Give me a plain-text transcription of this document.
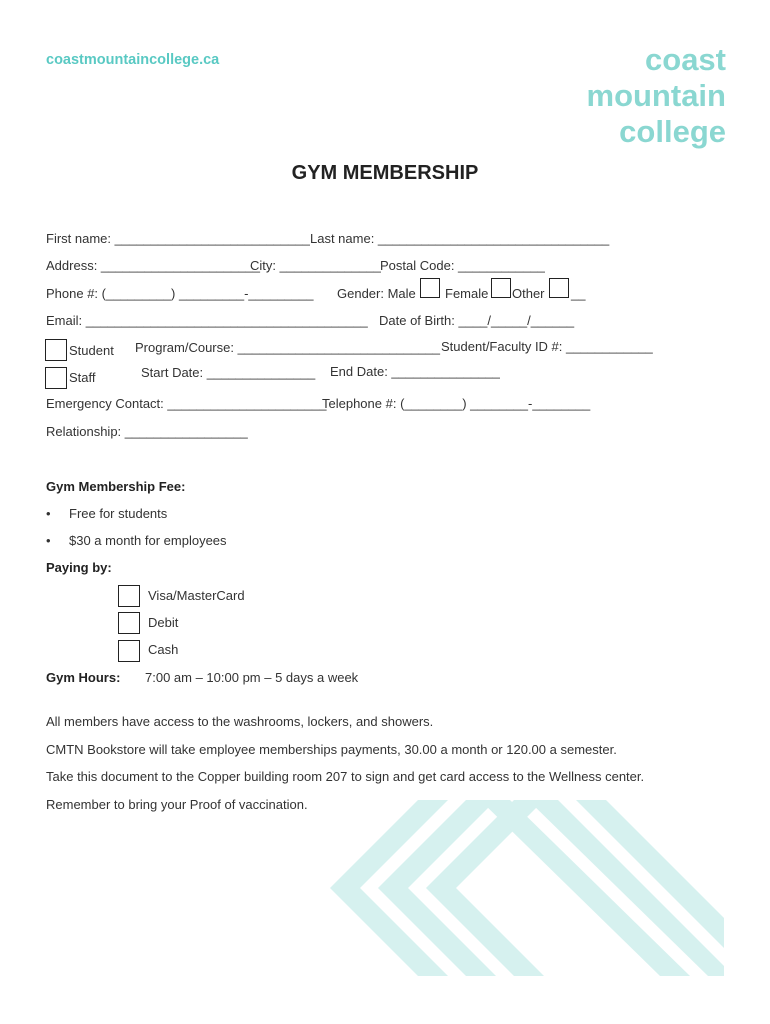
coastmountaincollege.ca	coast
mountain
college
GYM MEMBERSHIP
First name: ___________________________ Last name: ________________________________
Address: ______________________
City: ______________ Postal Code: ____________
Phone #: (_________) _________-_________ Gender: Male Female Other __
Email: _______________________________________ Date of Birth: ____/_____/______
Student Program/Course: ____________________________ Student/Faculty ID #: ____________
Staff	Start Date: _______________ End Date: _______________
Emergency Contact: ______________________
Telephone #: (________) ________-________
Relationship: _________________
Gym Membership Fee:
• Free for students
• $30 a month for employees
Paying by:
Visa/MasterCard
Debit
Cash
Gym Hours: 7:00 am – 10:00 pm – 5 days a week
All members have access to the washrooms, lockers, and showers.
CMTN Bookstore will take employee memberships payments, 30.00 a month or 120.00 a semester.
Take this document to the Copper building room 207 to sign and get card access to the Wellness center.
Remember to bring your Proof of vaccination.
